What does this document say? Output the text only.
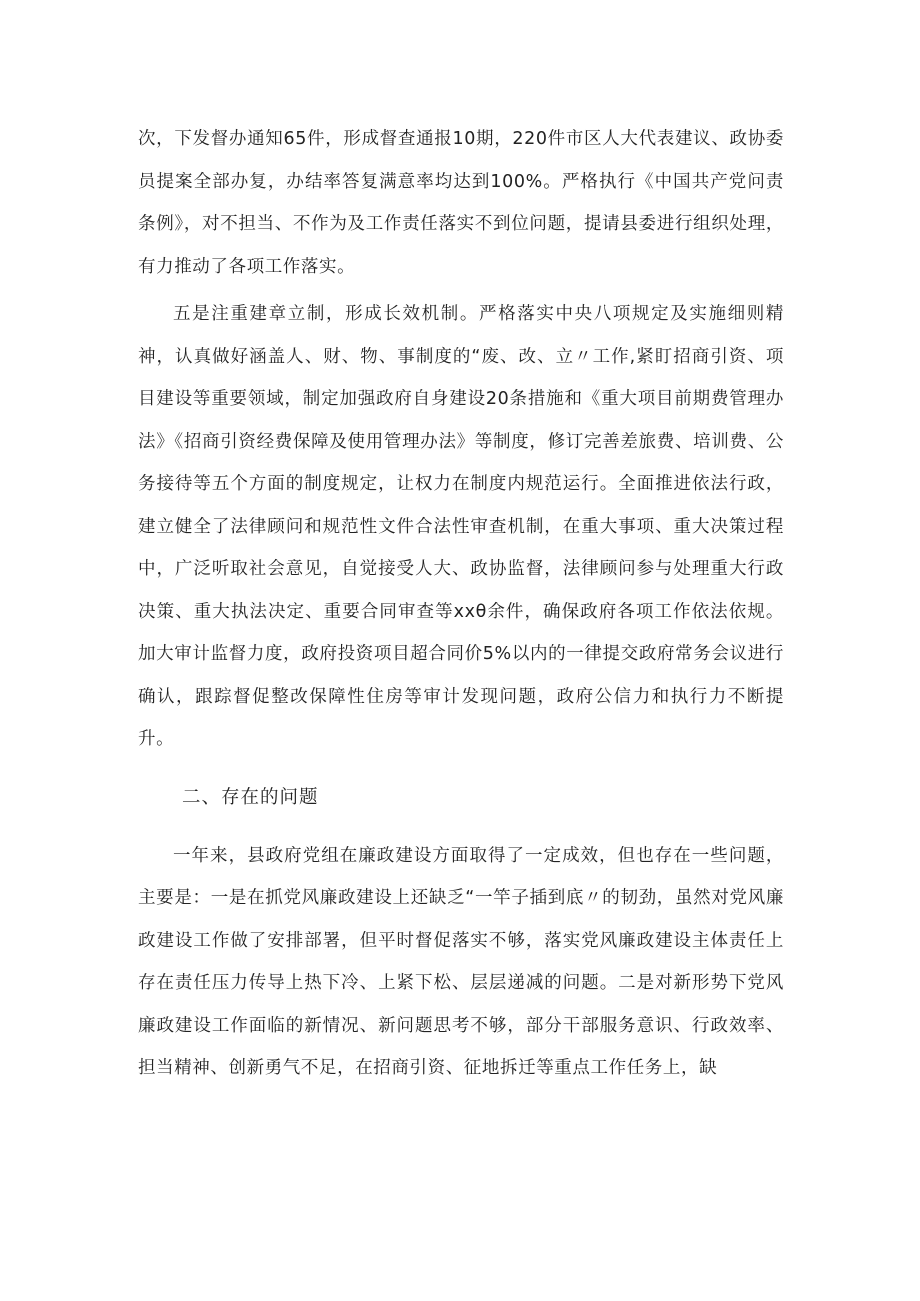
次，下发督办通知65件，形成督查通报10期，220件市区人大代表建议、政协委员提案全部办复，办结率答复满意率均达到100%。严格执行《中国共产党问责条例》，对不担当、不作为及工作责任落实不到位问题，提请县委进行组织处理，有力推动了各项工作落实。

五是注重建章立制，形成长效机制。严格落实中央八项规定及实施细则精神，认真做好涵盖人、财、物、事制度的“废、改、立〃工作,紧盯招商引资、项目建设等重要领域，制定加强政府自身建设20条措施和《重大项目前期费管理办法》《招商引资经费保障及使用管理办法》等制度，修订完善差旅费、培训费、公务接待等五个方面的制度规定，让权力在制度内规范运行。全面推进依法行政，建立健全了法律顾问和规范性文件合法性审查机制，在重大事项、重大决策过程中，广泛听取社会意见，自觉接受人大、政协监督，法律顾问参与处理重大行政决策、重大执法决定、重要合同审查等xxθ余件，确保政府各项工作依法依规。加大审计监督力度，政府投资项目超合同价5%以内的一律提交政府常务会议进行确认，跟踪督促整改保障性住房等审计发现问题，政府公信力和执行力不断提升。

二、存在的问题

一年来，县政府党组在廉政建设方面取得了一定成效，但也存在一些问题，主要是：一是在抓党风廉政建设上还缺乏“一竿子插到底〃的韧劲，虽然对党风廉政建设工作做了安排部署，但平时督促落实不够，落实党风廉政建设主体责任上存在责任压力传导上热下冷、上紧下松、层层递减的问题。二是对新形势下党风廉政建设工作面临的新情况、新问题思考不够，部分干部服务意识、行政效率、担当精神、创新勇气不足，在招商引资、征地拆迁等重点工作任务上，缺
